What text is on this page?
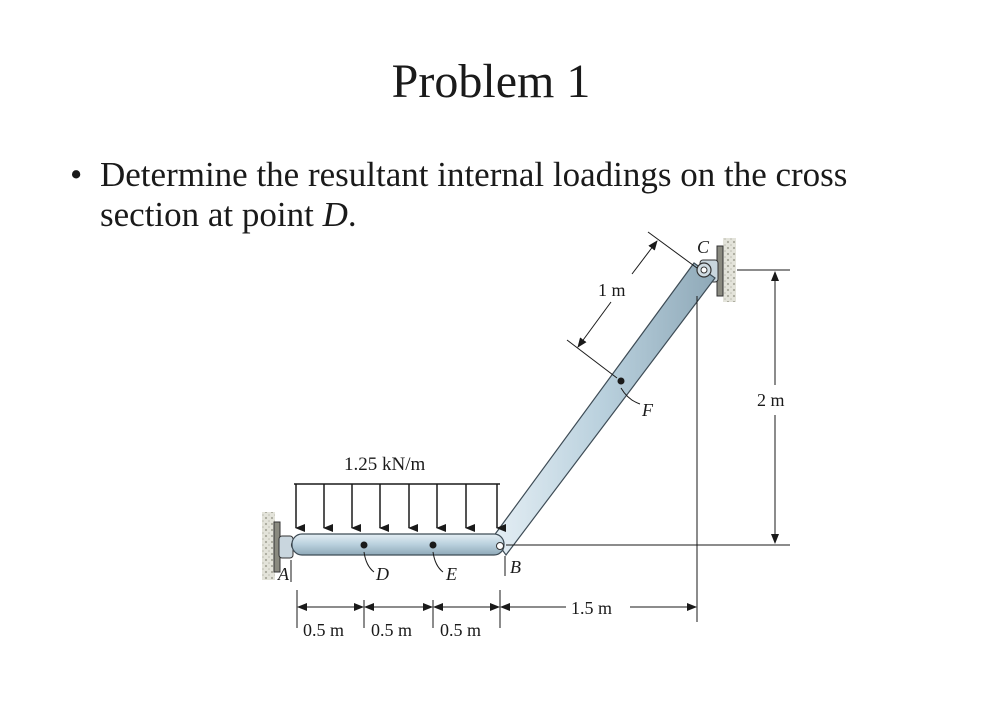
Problem 1
• Determine the resultant internal loadings on the cross section at point D.
1.25 kN/m
D	E	B
A
F
C
0.5 m 0.5 m 0.5 m
1.5 m
2 m
1 m
